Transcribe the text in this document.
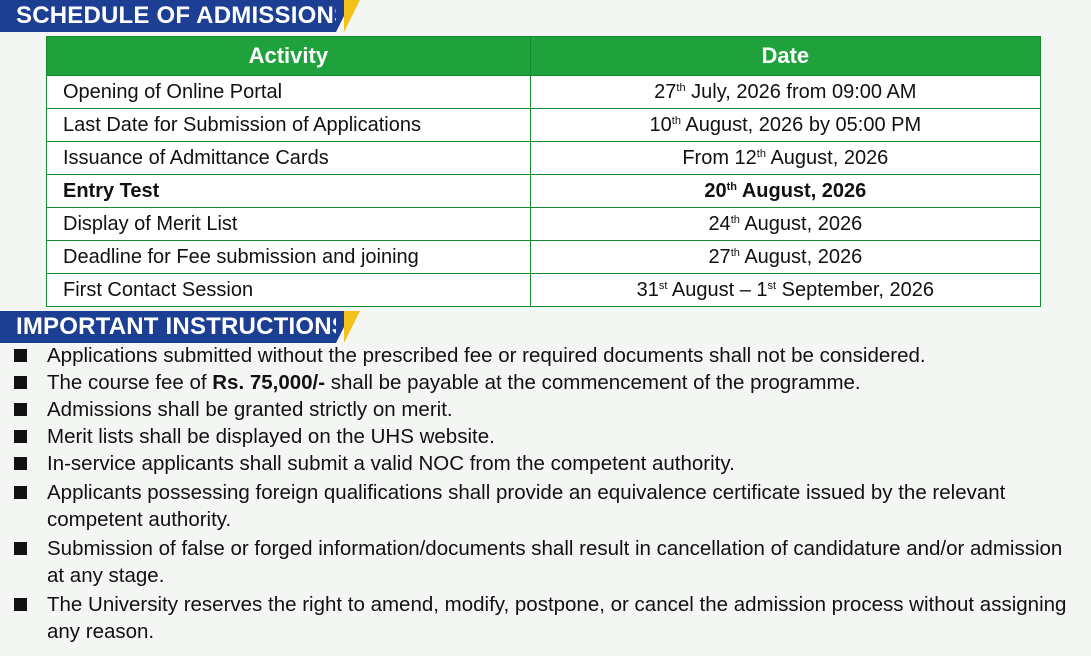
SCHEDULE OF ADMISSIONS
Activity	Date
Opening of Online Portal	27th July, 2026 from 09:00 AM
Last Date for Submission of Applications	10th August, 2026 by 05:00 PM
Issuance of Admittance Cards	From 12th August, 2026
Entry Test	20th August, 2026
Display of Merit List	24th August, 2026
Deadline for Fee submission and joining	27th August, 2026
First Contact Session	31st August – 1st September, 2026
IMPORTANT INSTRUCTIONS
Applications submitted without the prescribed fee or required documents shall not be considered.
The course fee of Rs. 75,000/- shall be payable at the commencement of the programme.
Admissions shall be granted strictly on merit.
Merit lists shall be displayed on the UHS website.
In-service applicants shall submit a valid NOC from the competent authority.
Applicants possessing foreign qualifications shall provide an equivalence certificate issued by the relevant competent authority.
Submission of false or forged information/documents shall result in cancellation of candidature and/or admission at any stage.
The University reserves the right to amend, modify, postpone, or cancel the admission process without assigning any reason.
